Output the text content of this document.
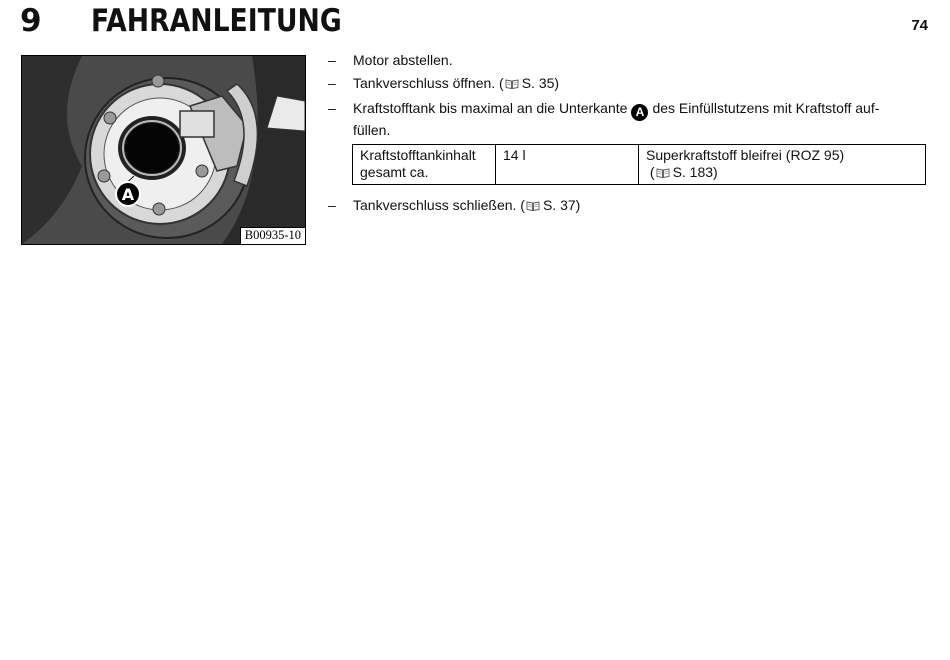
9 FAHRANLEITUNG	74
A
B00935-10
– Motor abstellen.
– Tankverschluss öffnen. ( S. 35)
– Kraftstofftank bis maximal an die Unterkante A des Einfüllstutzens mit Kraftstoff auf-
füllen.
Kraftstofftankinhalt
gesamt ca.	14 l	Superkraftstoff bleifrei (ROZ 95)
( S. 183)
– Tankverschluss schließen. ( S. 37)
